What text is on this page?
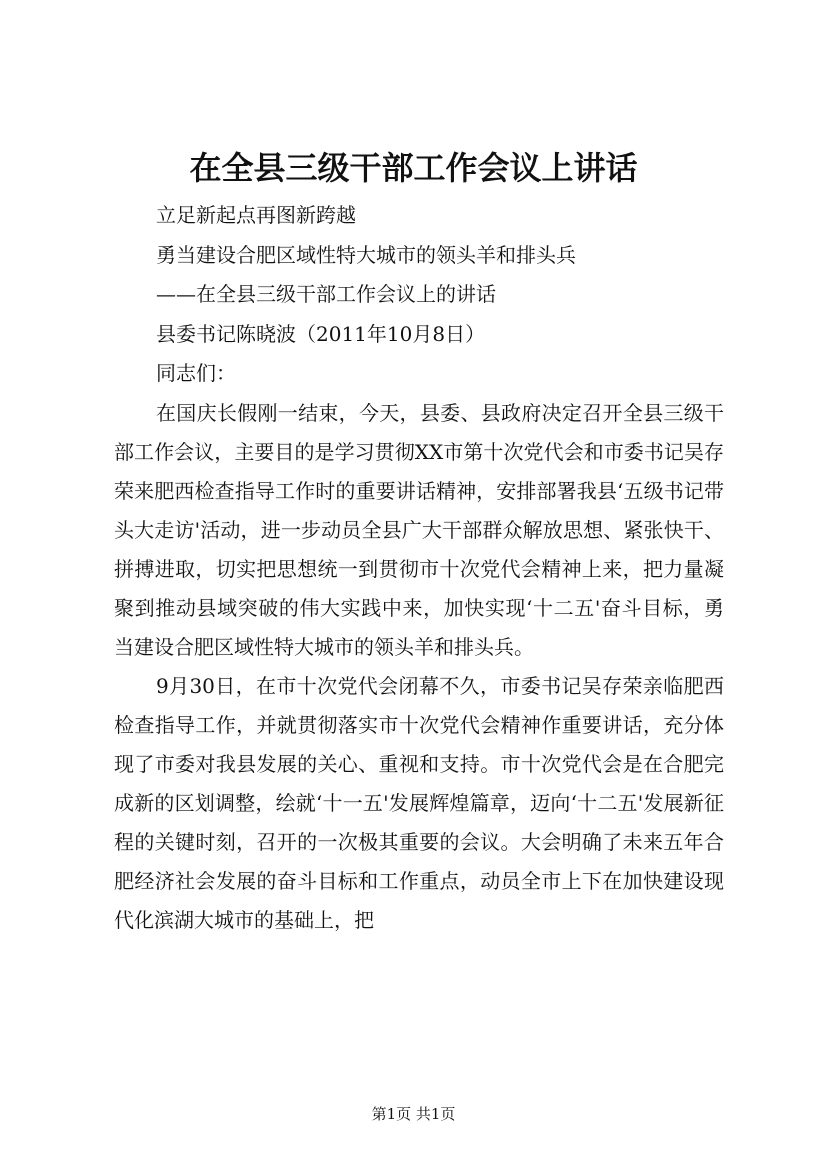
在全县三级干部工作会议上讲话
立足新起点再图新跨越
勇当建设合肥区域性特大城市的领头羊和排头兵
——在全县三级干部工作会议上的讲话
县委书记陈晓波（2011年10月8日）
同志们：

在国庆长假刚一结束，今天，县委、县政府决定召开全县三级干部工作会议，主要目的是学习贯彻XX市第十次党代会和市委书记吴存荣来肥西检查指导工作时的重要讲话精神，安排部署我县‘五级书记带头大走访'活动，进一步动员全县广大干部群众解放思想、紧张快干、拼搏进取，切实把思想统一到贯彻市十次党代会精神上来，把力量凝聚到推动县域突破的伟大实践中来，加快实现‘十二五'奋斗目标，勇当建设合肥区域性特大城市的领头羊和排头兵。

9月30日，在市十次党代会闭幕不久，市委书记吴存荣亲临肥西检查指导工作，并就贯彻落实市十次党代会精神作重要讲话，充分体现了市委对我县发展的关心、重视和支持。市十次党代会是在合肥完成新的区划调整，绘就‘十一五'发展辉煌篇章，迈向‘十二五'发展新征程的关键时刻，召开的一次极其重要的会议。大会明确了未来五年合肥经济社会发展的奋斗目标和工作重点，动员全市上下在加快建设现代化滨湖大城市的基础上，把

第1页 共1页
